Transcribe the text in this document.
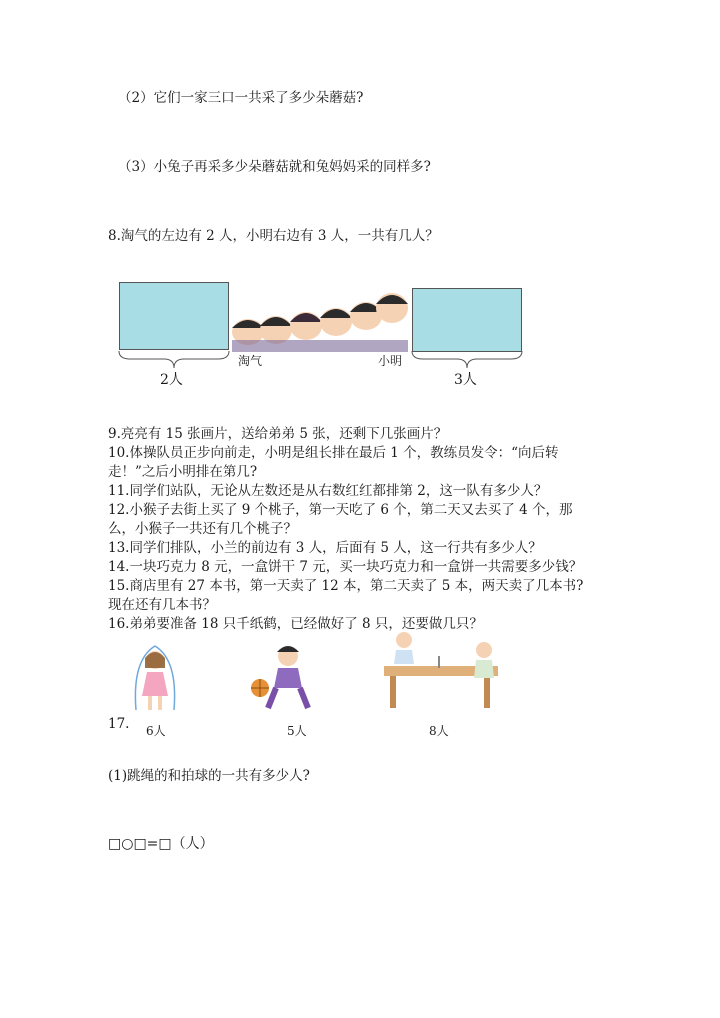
（2）它们一家三口一共采了多少朵蘑菇?
（3）小兔子再采多少朵蘑菇就和兔妈妈采的同样多?
8.淘气的左边有 2 人，小明右边有 3 人，一共有几人？
淘气	小明
2人	3人
9.亮亮有 15 张画片，送给弟弟 5 张，还剩下几张画片？
10.体操队员正步向前走，小明是组长排在最后 1 个，教练员发令：“向后转
走！”之后小明排在第几?
11.同学们站队，无论从左数还是从右数红红都排第 2，这一队有多少人？
12.小猴子去街上买了 9 个桃子，第一天吃了 6 个，第二天又去买了 4 个，那
么，小猴子一共还有几个桃子？
13.同学们排队，小兰的前边有 3 人，后面有 5 人，这一行共有多少人？
14.一块巧克力 8 元，一盒饼干 7 元，买一块巧克力和一盒饼一共需要多少钱？
15.商店里有 27 本书，第一天卖了 12 本，第二天卖了 5 本，两天卖了几本书?
现在还有几本书？
16.弟弟要准备 18 只千纸鹤，已经做好了 8 只，还要做几只？
6人	5人	8人
17.
(1)跳绳的和拍球的一共有多少人?
□○□=□（人）
